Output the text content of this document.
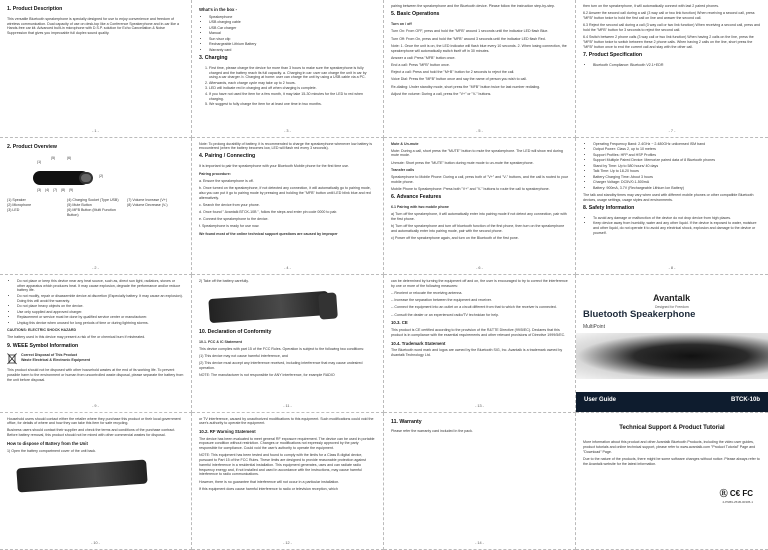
1. Product Description

This versatile Bluetooth speakerphone is specially designed for use to enjoy convenience and freedom of wireless communication. Dual capacity of use on desk-top like a Conference Speakerphone and in-car like a Hands-free car kit. Advanced built-in microphone with D.S.P. solution for Echo Cancellation & Noise Suppression that gives you impeccable full duplex sound quality.

- 1 -
What's in the box -
• Speakerphone
• USB charging cable
• USB Car charger
• Manual
• Sun visor clip
• Rechargeable Lithium Battery
• Warranty card
3. Charging
1. First time, please charge the device for more than 3 hours to make sure the speakerphone is fully charged and the battery reach its full capacity. a. Charging in car: user can charge the unit in car by using a car charger. b. Charging at home: user can charge the unit by using a USB cable via a PC.
2. Afterwards, each charge cycle may take up to 2 hours.
3. LED will indicate red in charging and off when charging is complete.
4. If you have not used the item for a few month, it may take 15-30 minutes for the LED to red when charging.
5. We suggest to fully charge the item for at least one time in two months.
- 3 -

pairing between the speakerphone and the Bluetooth device. Please follow the instruction step-by-step.

5. Basic Operations

Turn on / off

Turn On: From OFF, press and hold the "MFB" around 1 seconds until the indicator LED flash Blue.

Turn Off: From On, press and hold the "MFB" around 3 seconds until the indicator LED flash Red.

Note: 1. Once the unit is on, the LED indicator will flash blue every 10 seconds. 2. When losing connection, the speakerphone will automatically switch itself off in 30 minutes.

Answer a call: Press "MFB" button once.

End a call: Press "MFB" button once.

Reject a call: Press and hold the "M+B" button for 2 seconds to reject the call.

Voice Dial: Press the "MFB" button once and say the name of person you wish to call.

Re-dialing: Under standby mode, short press the "MFB" button twice for last number redialing.

Adjust the volume: During a call, press the "V+" or "V-" buttons.

- 5 -

then turn on the speakerphone, it will automatically connect with last 2 paired phones.

6.2 Answer the second call during a call (3 way call or two link function) When receiving a second call, press "MFB" button twice to hold the first call on line and answer the second call.

6.3 Reject the second call during a call (3 way call or two link function) When receiving a second call, press and hold the "MFB" button for 3 seconds to reject the second call.

6.4 Switch between 2 phone calls (3 way call or two link function) When having 2 calls on the line, press the "MFB" button twice to switch between these 2 phone calls. When having 2 calls on the line, short press the "MFB" button once to end the current call and stay with the other call.

7. Product Specification
• Bluetooth Compliance: Bluetooth V2.1+EDR
- 7 -
2. Product Overview
(1)
(5)	(6)
(2)
(3) (4) (7) (8) (9)
(1) Speaker	(4) Charging Socket (Type USB)	(7) Volume Increase (V+)
(2) Microphone	(5) Mute Button	(8) Volume Decrease (V-)
(3) LED	(6) MFB Button (Multi Function Button)
- 2 -

Note: To prolong durability of battery, it is recommended to charge the speakerphone whenever low battery is encountered (when the battery becomes low, LED will flash red every 3 seconds).

4. Pairing / Connecting

It is important to pair the speakerphone with your Bluetooth Mobile phone for the first time use.

Pairing procedure:

a. Ensure the speakerphone is off.

b. Once turned on the speakerphone, if not detected any connection, it will automatically go to pairing mode, also you can put it go to pairing mode by pressing and holding the "MFB" button until LED blink blue and red alternatively.

c. Search the device from your phone.

d. Once found " Avantalk BTCK-10B ", follow the steps and enter pin code 0000 to pair.

e. Connect the speakerphone to the device.

f. Speakerphone is ready for use now.

We found most of the online technical support questions are caused by improper

- 4 -

Mute & Un-mute

Mute: During a call, short press the "MUTE" button to mute the speakerphone. The LED will show red during mute mode.

Unmute: Short press the "MUTE" button during mute mode to un-mute the speakerphone.

Transfer calls

Speakerphone to Mobile Phone: During a call, press both of "V+" and "V-" buttons, and the call is routed to your mobile phone.

Mobile Phone to Speakerphone: Press both "V+" and "V-" buttons to route the call to speakerphone.

6. Advance Features

6.1 Pairing with two mobile phone

a) Turn off the speakerphone, it will automatically enter into pairing mode if not detect any connection, pair with the first phone.

b) Turn off the speakerphone and turn off bluetooth function of the first phone, then turn on the speakerphone and automatically enter into pairing mode, pair with the second phone.

c) Power off the speakerphone again, and turn on the Bluetooth of the first pone.

- 6 -
• Operating Frequency Band: 2.4GHz ~ 2.480GHz unlicensed ISM band
• Output Power: Class 2, up to 10 meters
• Support Profiles: HFP and HSP Profiles
• Support Multiple Paired Device: Memorize paired data of 8 Bluetooth phones
• Stand by Time: Up to 580 hours/ 40 days
• Talk Time: Up to 18-20 hours
• Battery Charging Time: About 3 hours
• Charger Voltage: DC5V/0.1-500mA
• Battery: 900mA, 3.7V (Rechargeable Lithium Ion Battery)

The talk and standby times may vary when used with different mobile phones or other compatible Bluetooth devices, usage settings, usage styles and environments.

8. Safety Information
• To avoid any damage or malfunction of the device do not drop device from high places.
• Keep device away from humidity, water and any other liquid. If the device is exposed to water, moisture and other liquid, do not operate it to avoid any electrical shock, explosion and damage to the device or yourself.
- 8 -
• Do not place or keep this device near any heat source, such as, direct sun light, radiators, stoves or other apparatus which produces heat. It may cause explosion, degrade the performance and/or reduce battery life.
• Do not modify, repair or disassemble device at discretion (Especially battery. It may cause an explosion). Doing this will avoid the warranty.
• Do not place heavy objects on the device.
• Use only supplied and approved charger.
• Replacement or service must be done by qualified service center or manufacturer.
• Unplug this device when unused for long periods of time or during lightning storms.

CAUTIONS: ELECTRIC SHOCK HAZARD

The battery used in this device may present a risk of fire or chemical burn if mistreated.

9. WEEE Symbol Information
Correct Disposal of This Product
Waste Electrical & Electronic Equipment

This product should not be disposed with other household wastes at the end of its working life. To prevent possible harm to the environment or human from uncontrolled waste disposal, please separate the battery from the unit before disposal.

- 9 -

2) Take off the battery carefully.

10. Declaration of Conformity

10.1. FCC & IC Statement

This device complies with part 15 of the FCC Rules. Operation is subject to the following two conditions:

(1) This device may not cause harmful interference, and

(2) This device must accept any interference received, including interference that may cause undesired operation.

NOTE: The manufacturer is not responsible for ANY interference, for example RADIO

- 11 -

can be determined by turning the equipment off and on, the user is encouraged to try to correct the interference by one or more of the following measures:

-- Reorient or relocate the receiving antenna.

-- Increase the separation between the equipment and receiver.

-- Connect the equipment into an outlet on a circuit different from that to which the receiver is connected.

-- Consult the dealer or an experienced radio/TV technician for help.

10.3. CE

This product is CE certified according to the provision of the R&TTE Directive (99/5/EC). Declares that this product is in compliance with the essential requirements and other relevant provisions of Directive 1999/5/EC.

10.4. Trademark Statement

The Bluetooth word mark and logos are owned by the Bluetooth SIG, Inc. Avantalk is a trademark owned by Avantalk Technology Ltd.

- 13 -
Avantalk
Designed for Freedom

Bluetooth Speakerphone

MultiPoint

User Guide	BTCK-10b

Household users should contact either the retailer where they purchase this product or their local government office, for details of where and how they can take this item for safe recycling.

Business users should contact their supplier and check the terms and conditions of the purchase contract. Before battery removal, this product should not be mixed with other commercial wastes for disposal.

How to dispose of Battery from the Unit

1) Open the battery compartment cover of the unit back.

- 10 -

or TV interference, caused by unauthorized modifications to this equipment. Such modifications could void the user's authority to operate the equipment.

10.2. RF Warning Statement

The device has been evaluated to meet general RF exposure requirement. The device can be used in portable exposure condition without restriction. Changes or modifications not expressly approved by the party responsible for compliance. Could void the user's authority to operate the equipment.

NOTE: This equipment has been tested and found to comply with the limits for a Class B digital device, pursuant to Part 15 of the FCC Rules. These limits are designed to provide reasonable protection against harmful interference in a residential installation. This equipment generates, uses and can radiate radio frequency energy and, if not installed and used in accordance with the instructions, may cause harmful interference to radio communications.

However, there is no guarantee that interference will not occur in a particular installation.

If this equipment does cause harmful interference to radio or television reception, which

- 12 -
11. Warranty

Please refer the warranty card included in the pack.

- 14 -
Technical Support & Product Tutorial

More information about this product and other Avantalk Bluetooth Products, including the video user guides, product tutorials and online technical support, please refer to www.avantalk.com "Product Tutorial" Page and "Download" Page.

Due to the nature of the products, there might be some software changes without notice. Please always refer to the Avantalk website for the latest information.

Ⓡ C€ FC
2-PNB9-251B-00305-1
